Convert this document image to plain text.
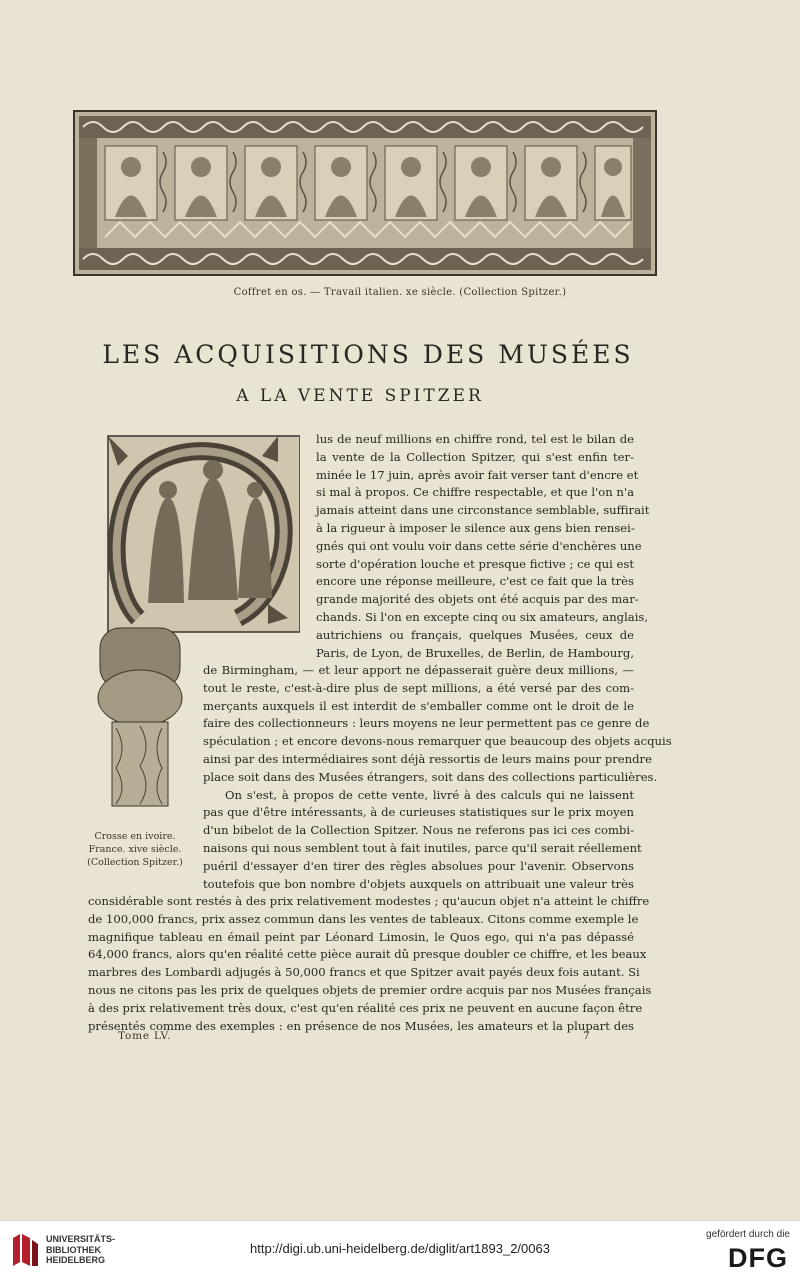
Coffret en os. — Travail italien. xe siècle. (Collection Spitzer.)
LES ACQUISITIONS DES MUSÉES
A LA VENTE SPITZER
Crosse en ivoire.
France. xive siècle.
(Collection Spitzer.)
lus de neuf millions en chiffre rond, tel est le bilan de
la vente de la Collection Spitzer, qui s'est enfin ter-
minée le 17 juin, après avoir fait verser tant d'encre et
si mal à propos. Ce chiffre respectable, et que l'on n'a
jamais atteint dans une circonstance semblable, suffirait
à la rigueur à imposer le silence aux gens bien rensei-
gnés qui ont voulu voir dans cette série d'enchères une
sorte d'opération louche et presque fictive ; ce qui est
encore une réponse meilleure, c'est ce fait que la très
grande majorité des objets ont été acquis par des mar-
chands. Si l'on en excepte cinq ou six amateurs, anglais,
autrichiens ou français, quelques Musées, ceux de
Paris, de Lyon, de Bruxelles, de Berlin, de Hambourg,
de Birmingham, — et leur apport ne dépasserait guère deux millions, —
tout le reste, c'est-à-dire plus de sept millions, a été versé par des com-
merçants auxquels il est interdit de s'emballer comme ont le droit de le
faire des collectionneurs : leurs moyens ne leur permettent pas ce genre de
spéculation ; et encore devons-nous remarquer que beaucoup des objets acquis
ainsi par des intermédiaires sont déjà ressortis de leurs mains pour prendre
place soit dans des Musées étrangers, soit dans des collections particulières.
On s'est, à propos de cette vente, livré à des calculs qui ne laissent
pas que d'être intéressants, à de curieuses statistiques sur le prix moyen
d'un bibelot de la Collection Spitzer. Nous ne referons pas ici ces combi-
naisons qui nous semblent tout à fait inutiles, parce qu'il serait réellement
puéril d'essayer d'en tirer des règles absolues pour l'avenir. Observons
toutefois que bon nombre d'objets auxquels on attribuait une valeur très
considérable sont restés à des prix relativement modestes ; qu'aucun objet n'a atteint le chiffre
de 100,000 francs, prix assez commun dans les ventes de tableaux. Citons comme exemple le
magnifique tableau en émail peint par Léonard Limosin, le Quos ego, qui n'a pas dépassé
64,000 francs, alors qu'en réalité cette pièce aurait dû presque doubler ce chiffre, et les beaux
marbres des Lombardi adjugés à 50,000 francs et que Spitzer avait payés deux fois autant. Si
nous ne citons pas les prix de quelques objets de premier ordre acquis par nos Musées français
à des prix relativement très doux, c'est qu'en réalité ces prix ne peuvent en aucune façon être
présentés comme des exemples : en présence de nos Musées, les amateurs et la plupart des
Tome LV.	7
UNIVERSITÄTS-
BIBLIOTHEK
HEIDELBERG
http://digi.ub.uni-heidelberg.de/diglit/art1893_2/0063
gefördert durch die
DFG
